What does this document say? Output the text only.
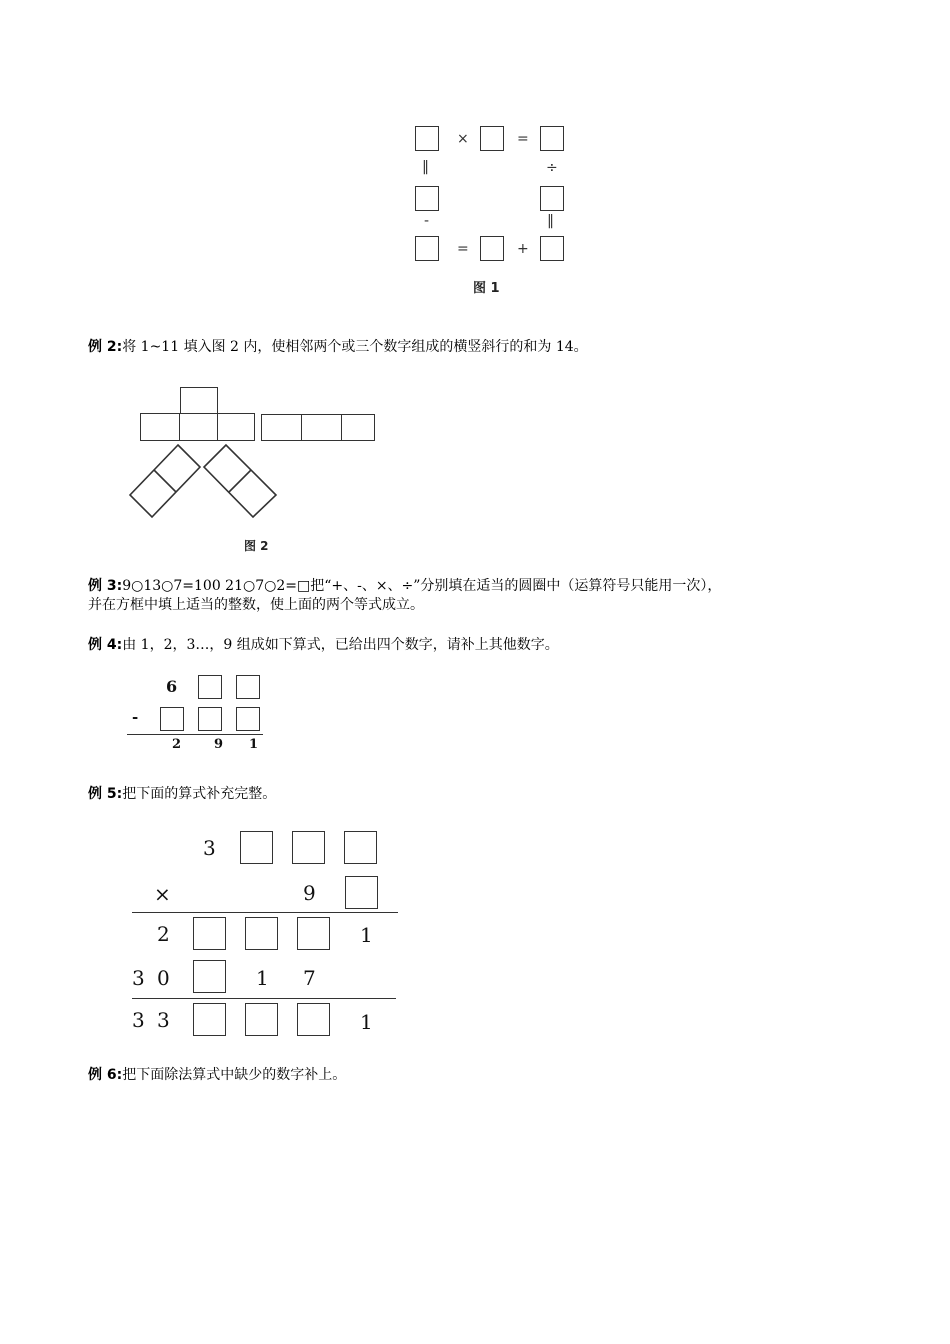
×	=
‖	÷
-	‖
=	+
图 1
例 2:将 1~11 填入图 2 内，使相邻两个或三个数字组成的横竖斜行的和为 14。
图 2
例 3:9○13○7=100 21○7○2=□把“+、-、×、÷”分别填在适当的圆圈中（运算符号只能用一次），
并在方框中填上适当的整数，使上面的两个等式成立。
例 4:由 1，2，3…，9 组成如下算式，已给出四个数字，请补上其他数字。
6
-
2	9 1
例 5:把下面的算式补充完整。
3
×	9
2	1
3 0	1 7
3 3	1
例 6:把下面除法算式中缺少的数字补上。
